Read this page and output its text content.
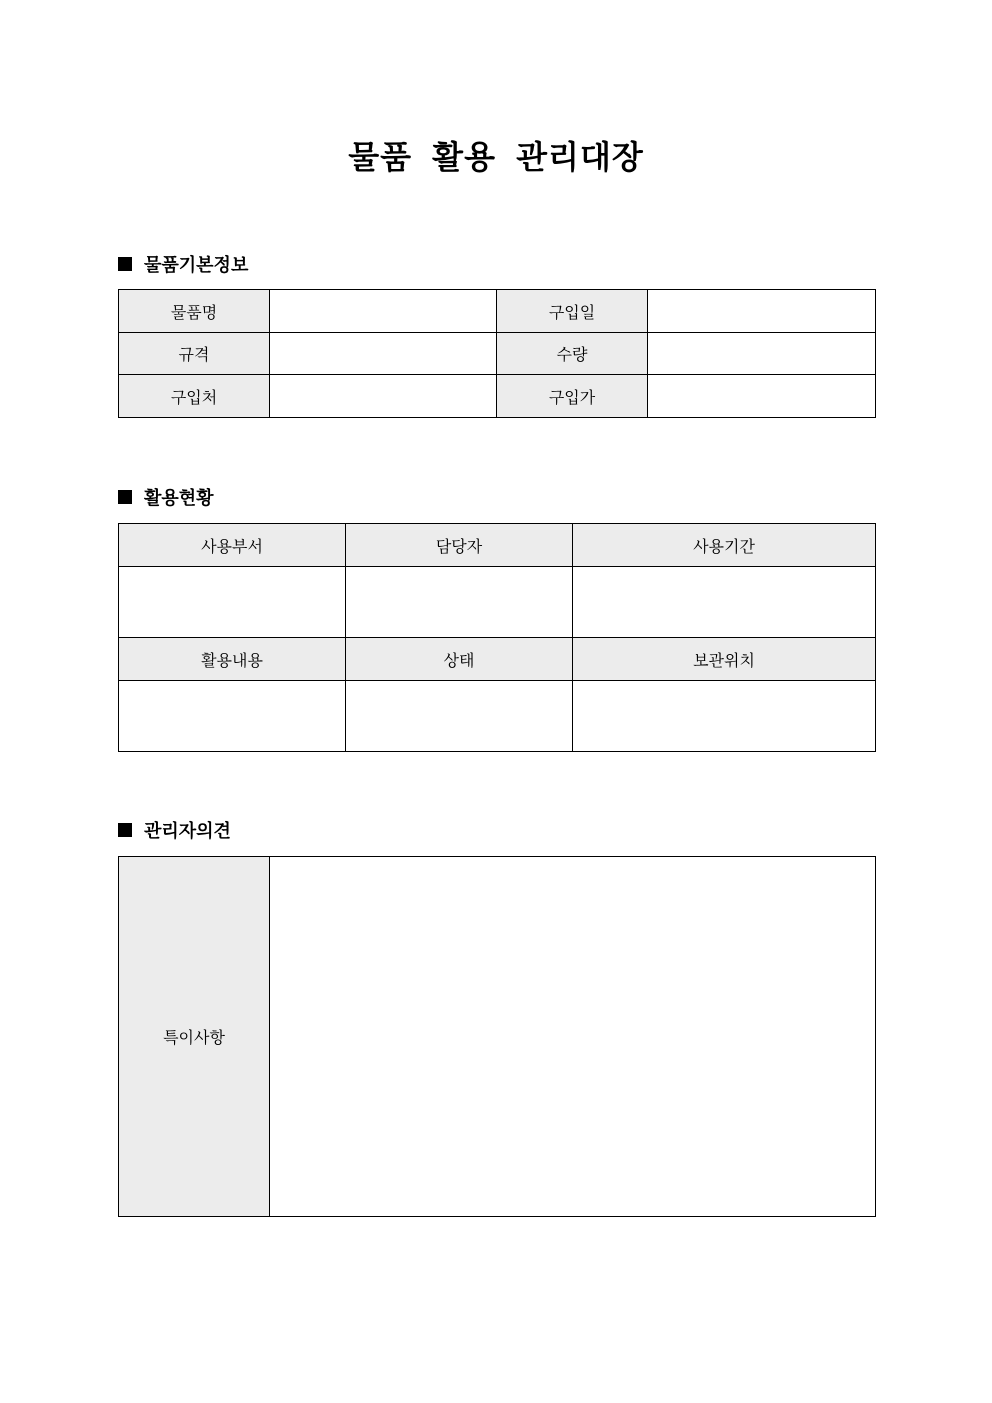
물품 활용 관리대장
물품기본정보
물품명		구입일	
규격		수량	
구입처		구입가	
활용현황
사용부서	담당자	사용기간

활용내용	상태	보관위치

관리자의견
특이사항	
